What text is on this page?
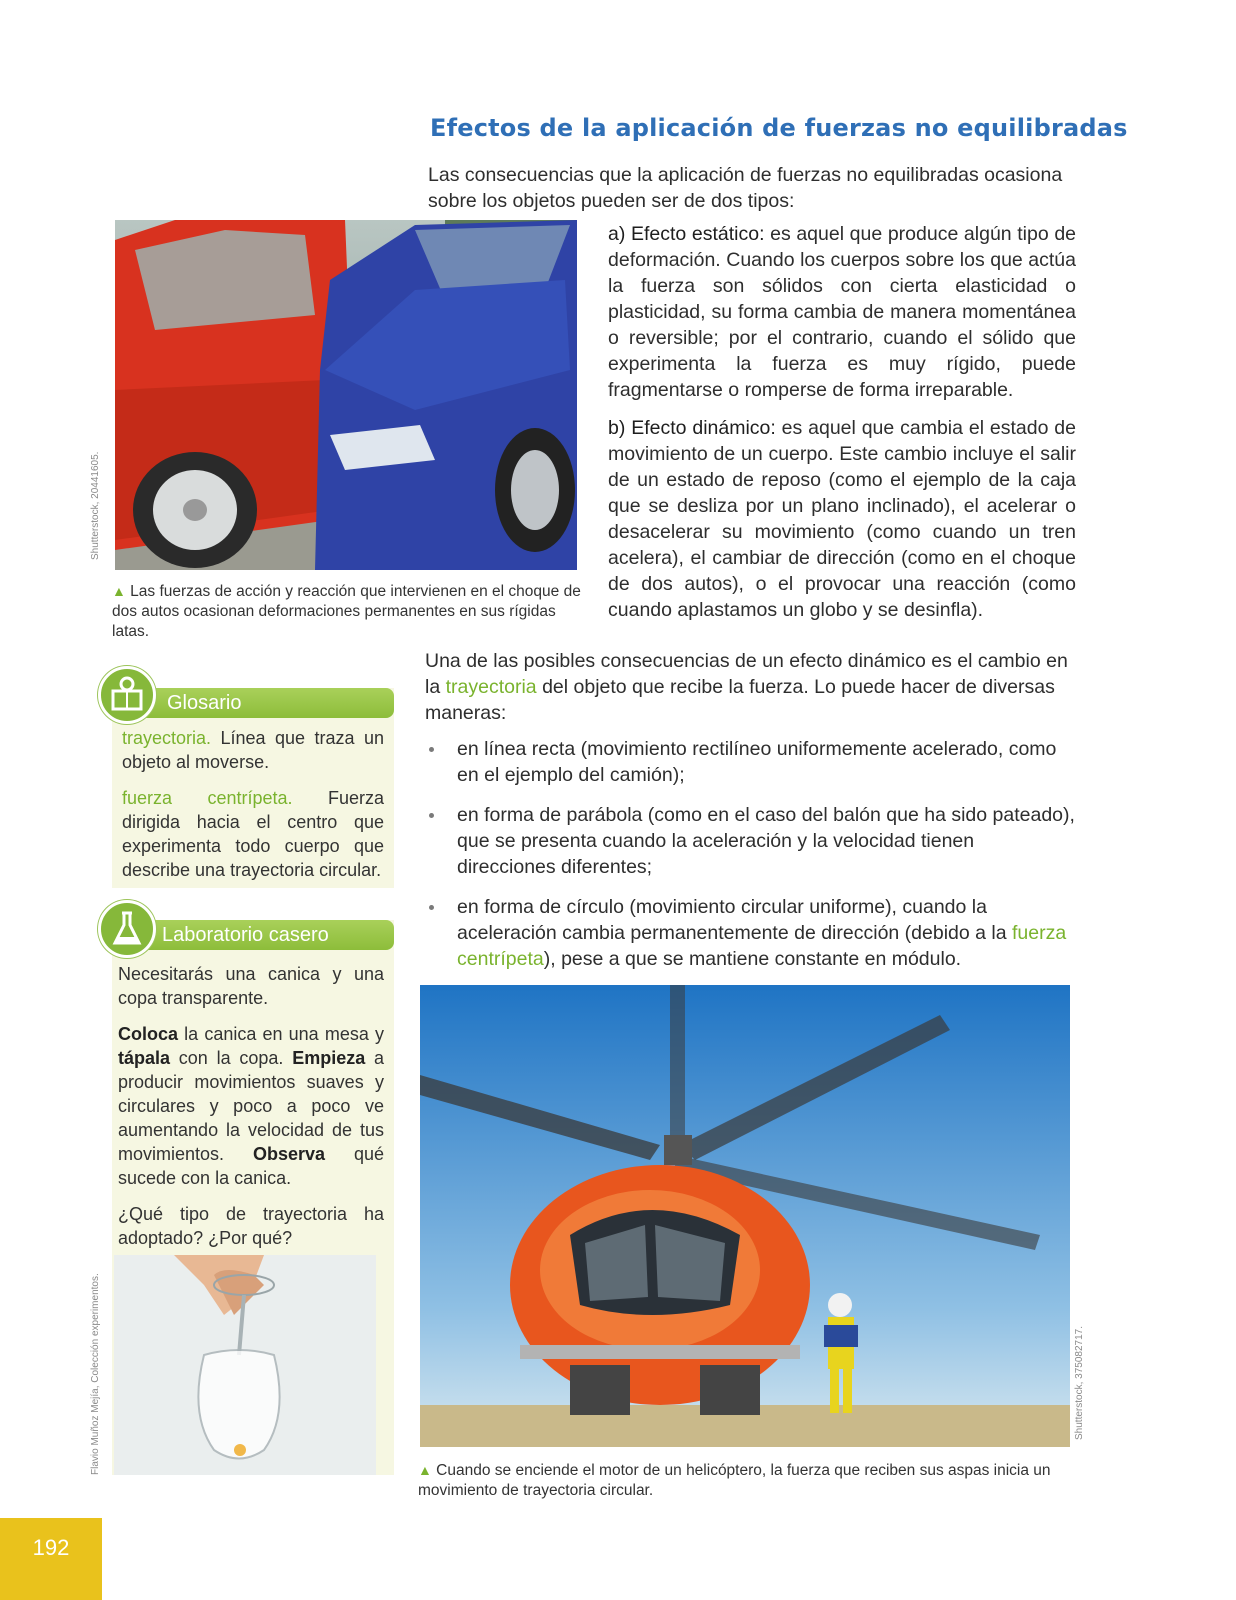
Efectos de la aplicación de fuerzas no equilibradas
Las consecuencias que la aplicación de fuerzas no equilibradas ocasiona sobre los objetos pueden ser de dos tipos:
Shutterstock, 20441605.
▲ Las fuerzas de acción y reacción que intervienen en el choque de dos autos ocasionan deformaciones permanentes en sus rígidas latas.

a) Efecto estático: es aquel que produce algún tipo de deformación. Cuando los cuerpos sobre los que actúa la fuerza son sólidos con cierta elasticidad o plasticidad, su forma cambia de manera momentánea o reversible; por el contrario, cuando el sólido que experimenta la fuerza es muy rígido, puede fragmentarse o romperse de forma irreparable.

b) Efecto dinámico: es aquel que cambia el estado de movimiento de un cuerpo. Este cambio incluye el salir de un estado de reposo (como el ejemplo de la caja que se desliza por un plano inclinado), el acelerar o desacelerar su movimiento (como cuando un tren acelera), el cambiar de dirección (como en el choque de dos autos), o el provocar una reacción (como cuando aplastamos un globo y se desinfla).

Una de las posibles consecuencias de un efecto dinámico es el cambio en la trayectoria del objeto que recibe la fuerza. Lo puede hacer de diversas maneras:
en línea recta (movimiento rectilíneo uniformemente acelerado, como en el ejemplo del camión);
en forma de parábola (como en el caso del balón que ha sido pateado), que se presenta cuando la aceleración y la velocidad tienen direcciones diferentes;
en forma de círculo (movimiento circular uniforme), cuando la aceleración cambia permanentemente de dirección (debido a la fuerza centrípeta), pese a que se mantiene constante en módulo.
Shutterstock, 375082717.
▲ Cuando se enciende el motor de un helicóptero, la fuerza que reciben sus aspas inicia un movimiento de trayectoria circular.
Glosario

trayectoria. Línea que traza un objeto al moverse.

fuerza centrípeta. Fuerza dirigida hacia el centro que experimenta todo cuerpo que describe una trayectoria circular.

Laboratorio casero

Necesitarás una canica y una copa transparente.

Coloca la canica en una mesa y tápala con la copa. Empieza a producir movimientos suaves y circulares y poco a poco ve aumentando la velocidad de tus movimientos. Observa qué sucede con la canica.

¿Qué tipo de trayectoria ha adoptado? ¿Por qué?

Flavio Muñoz Mejía, Colección experimentos.
192
